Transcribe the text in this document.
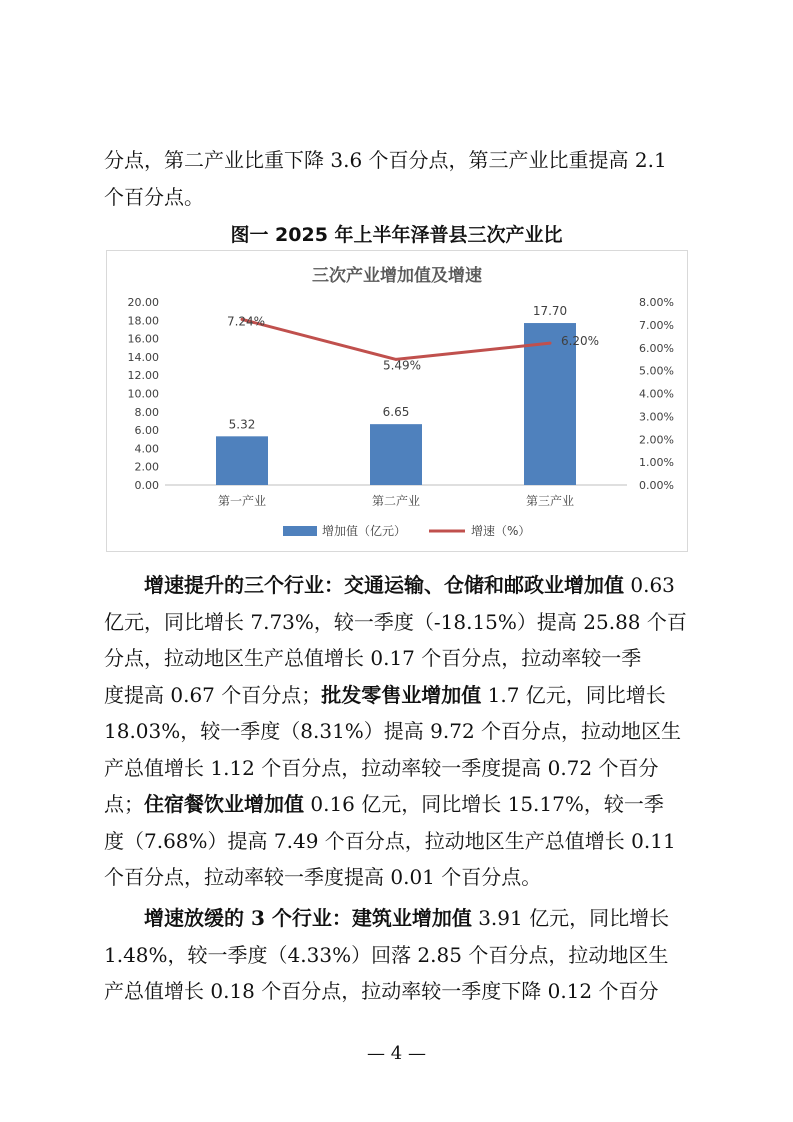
分点，第二产业比重下降 3.6 个百分点，第三产业比重提高 2.1
个百分点。
图一 2025 年上半年泽普县三次产业比
三次产业增加值及增速
0.00
2.00
4.00
6.00
8.00
10.00
12.00
14.00
16.00
18.00
20.00
0.00%
1.00%
2.00%
3.00%
4.00%
5.00%
6.00%
7.00%
8.00%
5.32
6.65
17.70
第一产业	第二产业	第三产业
7.24%
5.49%
6.20%
增加值（亿元）	增速（%）
增速提升的三个行业：交通运输、仓储和邮政业增加值 0.63
亿元，同比增长 7.73%，较一季度（-18.15%）提高 25.88 个百
分点，拉动地区生产总值增长 0.17 个百分点，拉动率较一季
度提高 0.67 个百分点；批发零售业增加值 1.7 亿元，同比增长
18.03%，较一季度（8.31%）提高 9.72 个百分点，拉动地区生
产总值增长 1.12 个百分点，拉动率较一季度提高 0.72 个百分
点；住宿餐饮业增加值 0.16 亿元，同比增长 15.17%，较一季
度（7.68%）提高 7.49 个百分点，拉动地区生产总值增长 0.11
个百分点，拉动率较一季度提高 0.01 个百分点。
增速放缓的 3 个行业：建筑业增加值 3.91 亿元，同比增长
1.48%，较一季度（4.33%）回落 2.85 个百分点，拉动地区生
产总值增长 0.18 个百分点，拉动率较一季度下降 0.12 个百分
— 4 —
